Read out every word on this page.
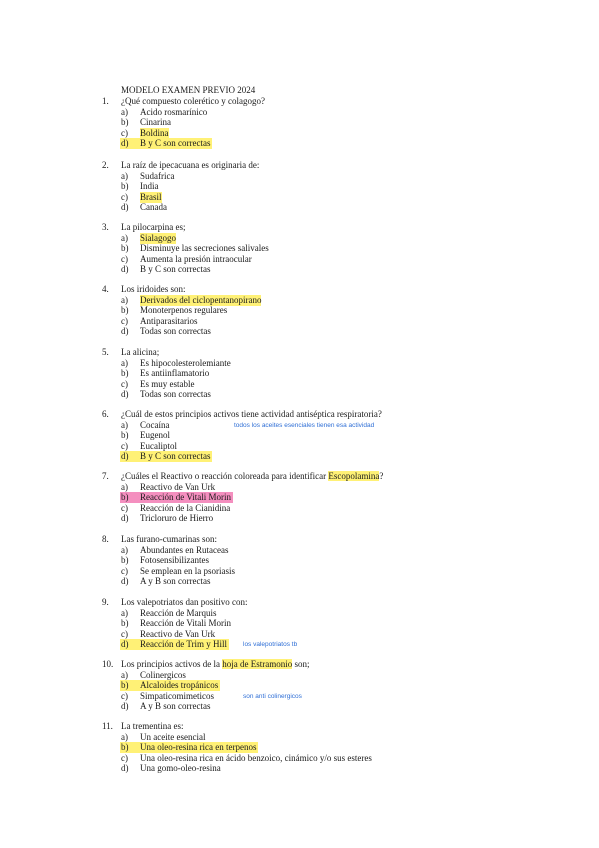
MODELO EXAMEN PREVIO 2024
1. ¿Qué compuesto colerético y colagogo?
a) Acido rosmarínico
b) Cinarina
c) Boldina
d) B y C son correctas
2. La raíz de ipecacuana es originaria de:
a) Sudafrica
b) India
c) Brasil
d) Canada
3. La pilocarpina es;
a) Sialagogo
b) Disminuye las secreciones salivales
c) Aumenta la presión intraocular
d) B y C son correctas
4. Los iridoides son:
a) Derivados del ciclopentanopirano
b) Monoterpenos regulares
c) Antiparasitarios
d) Todas son correctas
5. La alicina;
a) Es hipocolesterolemiante
b) Es antiinflamatorio
c) Es muy estable
d) Todas son correctas
6. ¿Cuál de estos principios activos tiene actividad antiséptica respiratoria?
a) Cocaína	todos los aceites esenciales tienen esa actividad
b) Eugenol
c) Eucaliptol
d) B y C son correctas
7. ¿Cuáles el Reactivo o reacción coloreada para identificar Escopolamina?
a) Reactivo de Van Urk
b) Reacción de Vitali Morin
c) Reacción de la Cianidina
d) Tricloruro de Hierro
8. Las furano-cumarinas son:
a) Abundantes en Rutaceas
b) Fotosensibilizantes
c) Se emplean en la psoriasis
d) A y B son correctas
9. Los valepotriatos dan positivo con:
a) Reacción de Marquis
b) Reacción de Vitali Morin
c) Reactivo de Van Urk
d) Reacción de Trim y Hill los valepotriatos tb
10. Los principios activos de la hoja de Estramonio son;
a) Colinergicos
b) Alcaloides tropánicos
c) Simpaticomimeticos	son anti colinergicos
d) A y B son correctas
11. La trementina es:
a) Un aceite esencial
b) Una oleo-resina rica en terpenos
c) Una oleo-resina rica en ácido benzoico, cinámico y/o sus esteres
d) Una gomo-oleo-resina
